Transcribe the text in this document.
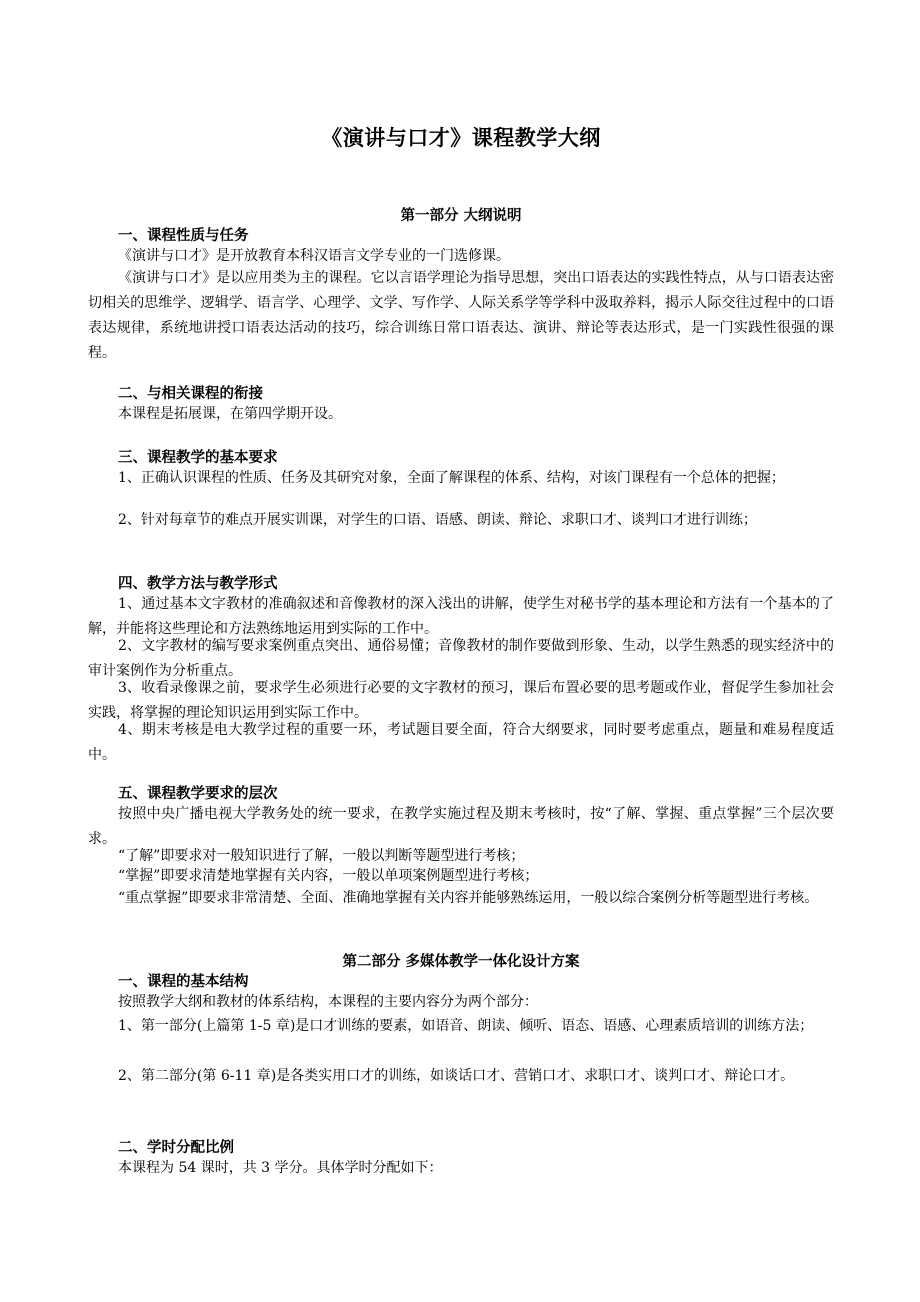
《演讲与口才》课程教学大纲
第一部分 大纲说明
一、课程性质与任务
《演讲与口才》是开放教育本科汉语言文学专业的一门选修课。
《演讲与口才》是以应用类为主的课程。它以言语学理论为指导思想，突出口语表达的实践性特点，从与口语表达密切相关的思维学、逻辑学、语言学、心理学、文学、写作学、人际关系学等学科中汲取养料，揭示人际交往过程中的口语表达规律，系统地讲授口语表达活动的技巧，综合训练日常口语表达、演讲、辩论等表达形式，是一门实践性很强的课程。
二、与相关课程的衔接
本课程是拓展课，在第四学期开设。
三、课程教学的基本要求
1、正确认识课程的性质、任务及其研究对象，全面了解课程的体系、结构，对该门课程有一个总体的把握；
2、针对每章节的难点开展实训课，对学生的口语、语感、朗读、辩论、求职口才、谈判口才进行训练；
四、教学方法与教学形式
1、通过基本文字教材的准确叙述和音像教材的深入浅出的讲解，使学生对秘书学的基本理论和方法有一个基本的了解，并能将这些理论和方法熟练地运用到实际的工作中。
2、文字教材的编写要求案例重点突出、通俗易懂；音像教材的制作要做到形象、生动，以学生熟悉的现实经济中的审计案例作为分析重点。
3、收看录像课之前，要求学生必须进行必要的文字教材的预习，课后布置必要的思考题或作业，督促学生参加社会实践，将掌握的理论知识运用到实际工作中。
4、期末考核是电大教学过程的重要一环，考试题目要全面，符合大纲要求，同时要考虑重点，题量和难易程度适中。
五、课程教学要求的层次
按照中央广播电视大学教务处的统一要求，在教学实施过程及期末考核时，按“了解、掌握、重点掌握”三个层次要求。
“了解”即要求对一般知识进行了解，一般以判断等题型进行考核；
“掌握”即要求清楚地掌握有关内容，一般以单项案例题型进行考核；
“重点掌握”即要求非常清楚、全面、准确地掌握有关内容并能够熟练运用，一般以综合案例分析等题型进行考核。
第二部分 多媒体教学一体化设计方案
一、课程的基本结构
按照教学大纲和教材的体系结构，本课程的主要内容分为两个部分：
1、第一部分(上篇第 1-5 章)是口才训练的要素，如语音、朗读、倾听、语态、语感、心理素质培训的训练方法；
2、第二部分(第 6-11 章)是各类实用口才的训练，如谈话口才、营销口才、求职口才、谈判口才、辩论口才。
二、学时分配比例
本课程为 54 课时，共 3 学分。具体学时分配如下：
